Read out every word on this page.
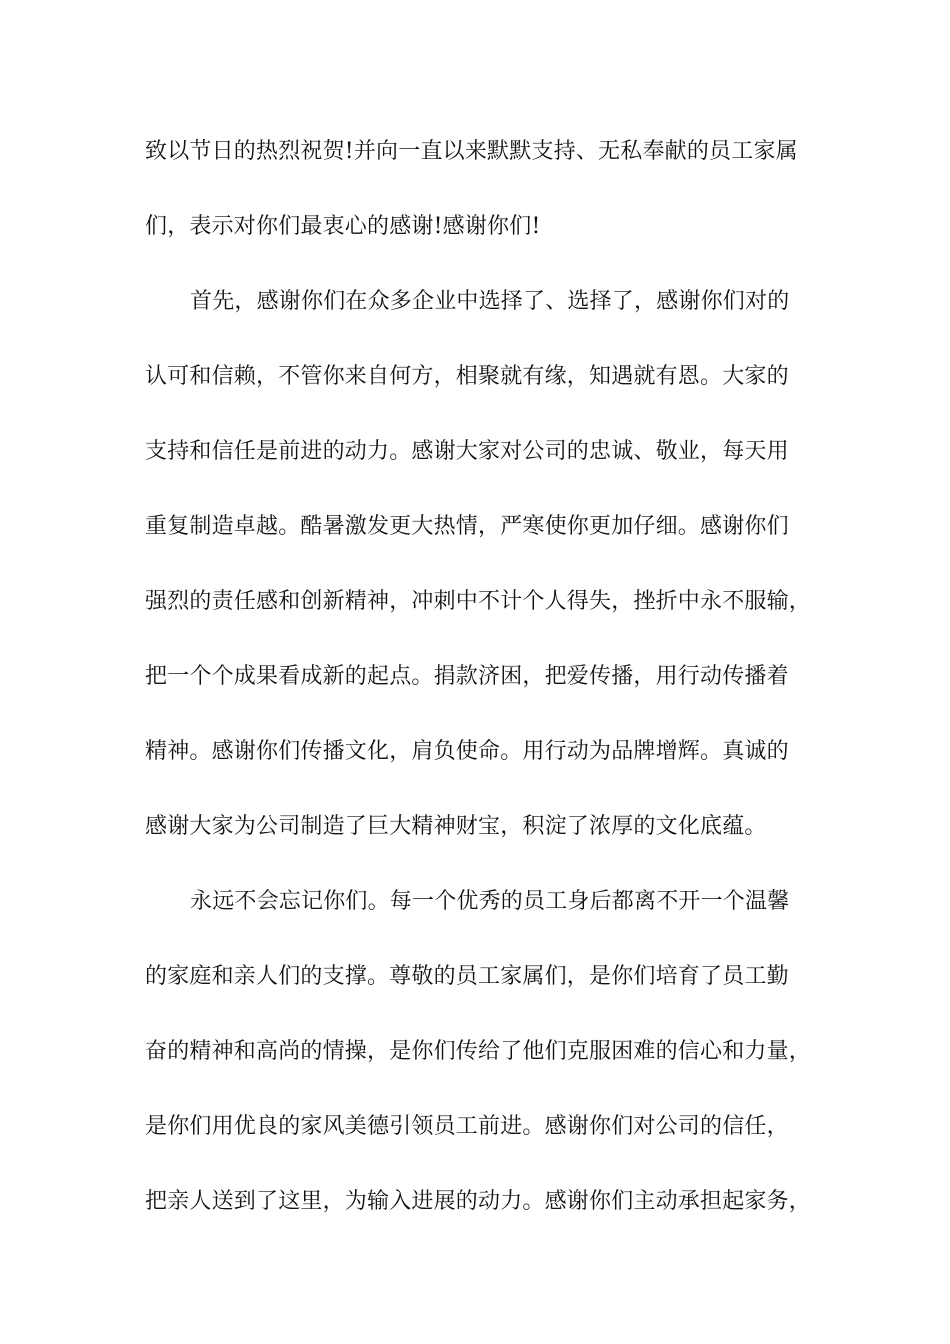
致以节日的热烈祝贺!并向一直以来默默支持、无私奉献的员工家属
们，表示对你们最衷心的感谢!感谢你们!
首先，感谢你们在众多企业中选择了、选择了，感谢你们对的
认可和信赖，不管你来自何方，相聚就有缘，知遇就有恩。大家的
支持和信任是前进的动力。感谢大家对公司的忠诚、敬业，每天用
重复制造卓越。酷暑激发更大热情，严寒使你更加仔细。感谢你们
强烈的责任感和创新精神，冲刺中不计个人得失，挫折中永不服输，
把一个个成果看成新的起点。捐款济困，把爱传播，用行动传播着
精神。感谢你们传播文化，肩负使命。用行动为品牌增辉。真诚的
感谢大家为公司制造了巨大精神财宝，积淀了浓厚的文化底蕴。
永远不会忘记你们。每一个优秀的员工身后都离不开一个温馨
的家庭和亲人们的支撑。尊敬的员工家属们，是你们培育了员工勤
奋的精神和高尚的情操，是你们传给了他们克服困难的信心和力量，
是你们用优良的家风美德引领员工前进。感谢你们对公司的信任，
把亲人送到了这里，为输入进展的动力。感谢你们主动承担起家务，
